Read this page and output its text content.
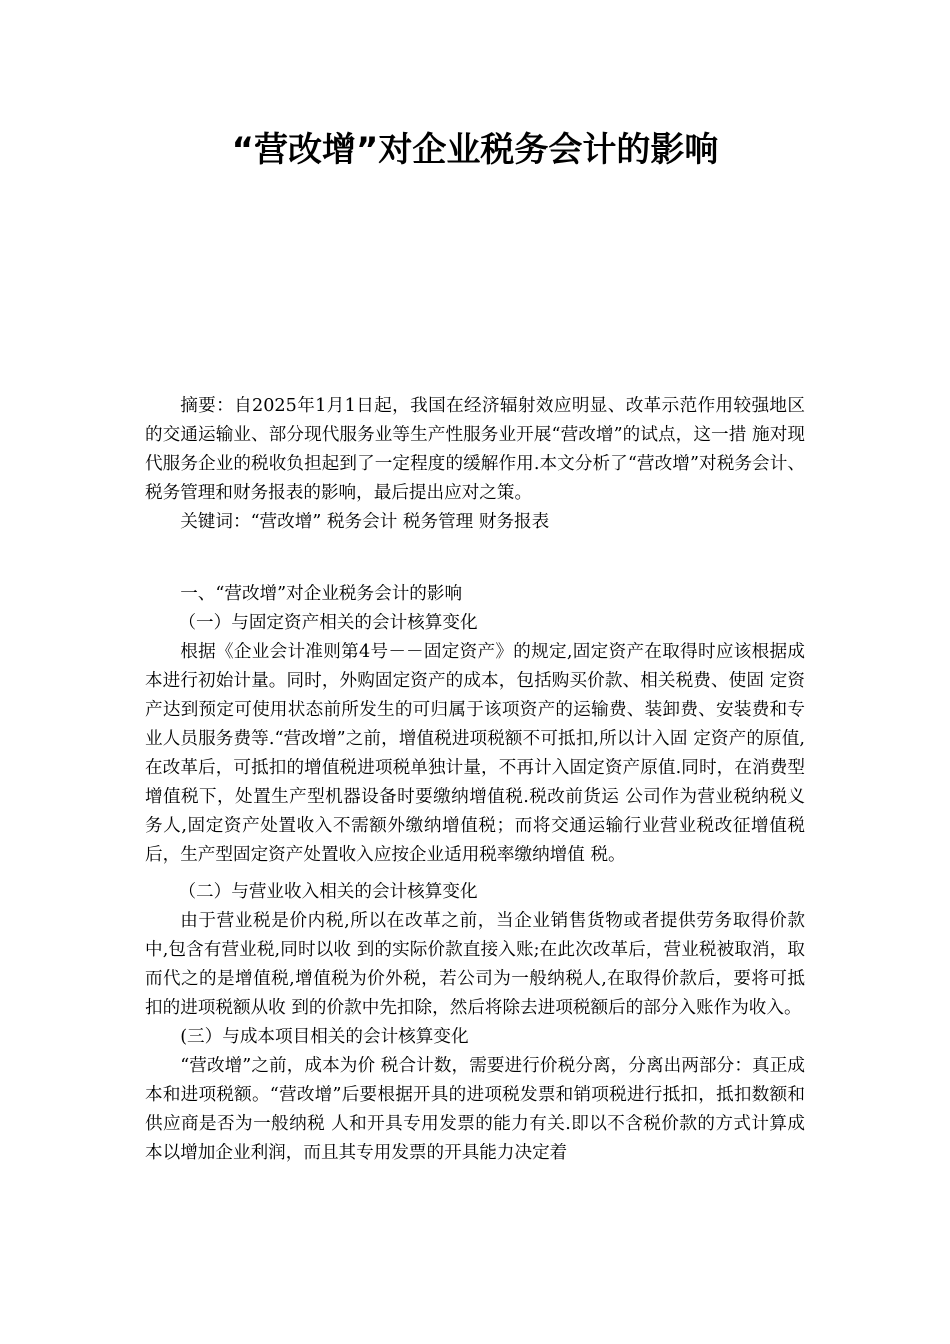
“营改增”对企业税务会计的影响

摘要：自2025年1月1日起，我国在经济辐射效应明显、改革示范作用较强地区的交通运输业、部分现代服务业等生产性服务业开展“营改增”的试点，这一措 施对现代服务企业的税收负担起到了一定程度的缓解作用.本文分析了“营改增”对税务会计、税务管理和财务报表的影响，最后提出应对之策。

关键词：“营改增” 税务会计 税务管理 财务报表

一、“营改增”对企业税务会计的影响

（一）与固定资产相关的会计核算变化

根据《企业会计准则第4号－－固定资产》的规定,固定资产在取得时应该根据成本进行初始计量。同时，外购固定资产的成本，包括购买价款、相关税费、使固 定资产达到预定可使用状态前所发生的可归属于该项资产的运输费、装卸费、安装费和专业人员服务费等.“营改增”之前，增值税进项税额不可抵扣,所以计入固 定资产的原值,在改革后，可抵扣的增值税进项税单独计量，不再计入固定资产原值.同时，在消费型增值税下，处置生产型机器设备时要缴纳增值税.税改前货运 公司作为营业税纳税义务人,固定资产处置收入不需额外缴纳增值税；而将交通运输行业营业税改征增值税后，生产型固定资产处置收入应按企业适用税率缴纳增值 税。

（二）与营业收入相关的会计核算变化

由于营业税是价内税,所以在改革之前，当企业销售货物或者提供劳务取得价款中,包含有营业税,同时以收 到的实际价款直接入账;在此次改革后，营业税被取消，取而代之的是增值税,增值税为价外税，若公司为一般纳税人,在取得价款后，要将可抵扣的进项税额从收 到的价款中先扣除，然后将除去进项税额后的部分入账作为收入。

(三）与成本项目相关的会计核算变化

“营改增”之前，成本为价 税合计数，需要进行价税分离，分离出两部分：真正成本和进项税额。“营改增”后要根据开具的进项税发票和销项税进行抵扣，抵扣数额和供应商是否为一般纳税 人和开具专用发票的能力有关.即以不含税价款的方式计算成本以增加企业利润，而且其专用发票的开具能力决定着
